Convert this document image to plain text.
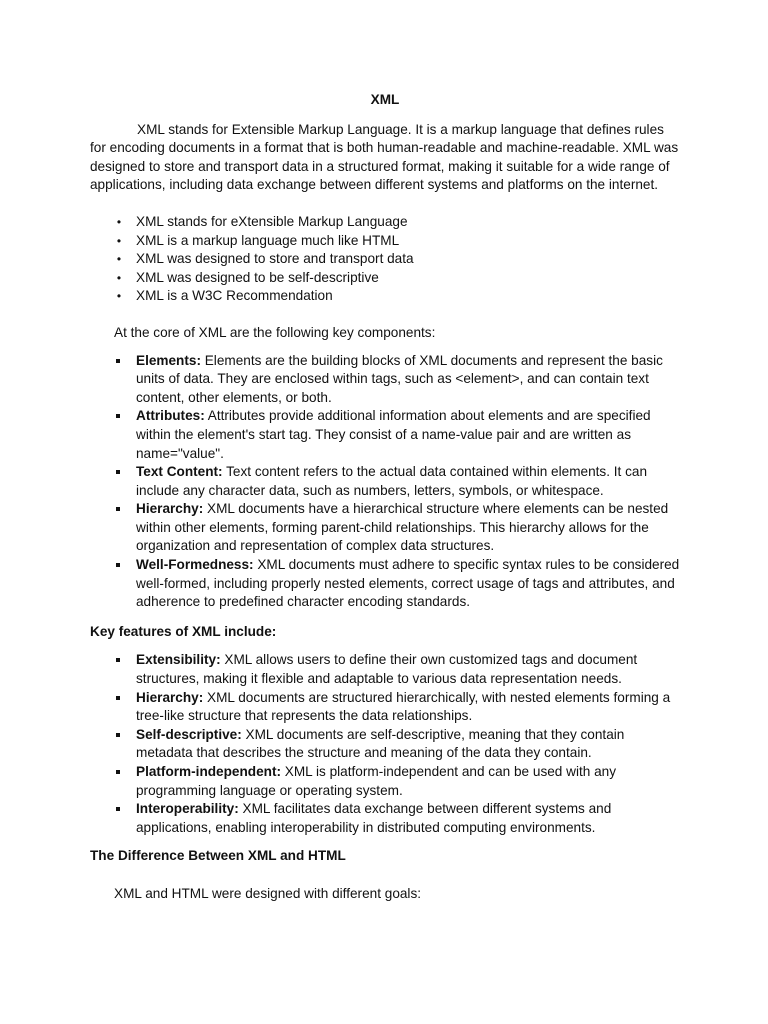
XML

XML stands for Extensible Markup Language. It is a markup language that defines rules for encoding documents in a format that is both human-readable and machine-readable. XML was designed to store and transport data in a structured format, making it suitable for a wide range of applications, including data exchange between different systems and platforms on the internet.

•	XML stands for eXtensible Markup Language
•	XML is a markup language much like HTML
•	XML was designed to store and transport data
•	XML was designed to be self-descriptive
•	XML is a W3C Recommendation

At the core of XML are the following key components:

Elements: Elements are the building blocks of XML documents and represent the basic units of data. They are enclosed within tags, such as <element>, and can contain text content, other elements, or both.
Attributes: Attributes provide additional information about elements and are specified within the element's start tag. They consist of a name-value pair and are written as name="value".
Text Content: Text content refers to the actual data contained within elements. It can include any character data, such as numbers, letters, symbols, or whitespace.
Hierarchy: XML documents have a hierarchical structure where elements can be nested within other elements, forming parent-child relationships. This hierarchy allows for the organization and representation of complex data structures.
Well-Formedness: XML documents must adhere to specific syntax rules to be considered well-formed, including properly nested elements, correct usage of tags and attributes, and adherence to predefined character encoding standards.

Key features of XML include:

Extensibility: XML allows users to define their own customized tags and document structures, making it flexible and adaptable to various data representation needs.
Hierarchy: XML documents are structured hierarchically, with nested elements forming a tree-like structure that represents the data relationships.
Self-descriptive: XML documents are self-descriptive, meaning that they contain metadata that describes the structure and meaning of the data they contain.
Platform-independent: XML is platform-independent and can be used with any programming language or operating system.
Interoperability: XML facilitates data exchange between different systems and applications, enabling interoperability in distributed computing environments.

The Difference Between XML and HTML

XML and HTML were designed with different goals:
